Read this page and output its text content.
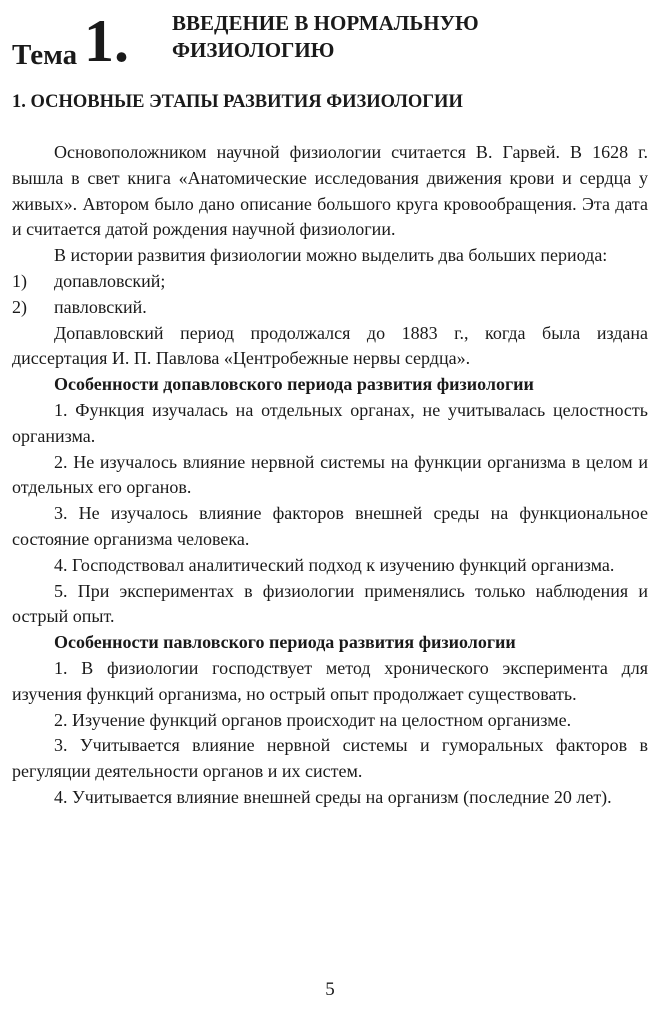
Тема 1. ВВЕДЕНИЕ В НОРМАЛЬНУЮ
ФИЗИОЛОГИЮ
1. ОСНОВНЫЕ ЭТАПЫ РАЗВИТИЯ ФИЗИОЛОГИИ

Основоположником научной физиологии считается В. Гарвей. В 1628 г. вышла в свет книга «Анатомические исследования движения крови и сердца у живых». Автором было дано описание большого круга кровообращения. Эта дата и считается датой рождения научной физиологии.

В истории развития физиологии можно выделить два больших периода:

1) допавловский;

2) павловский.

Допавловский период продолжался до 1883 г., когда была издана диссертация И. П. Павлова «Центробежные нервы сердца».

Особенности допавловского периода развития физиологии

1. Функция изучалась на отдельных органах, не учитывалась целостность организма.

2. Не изучалось влияние нервной системы на функции организма в целом и отдельных его органов.

3. Не изучалось влияние факторов внешней среды на функциональное состояние организма человека.

4. Господствовал аналитический подход к изучению функций организма.

5. При экспериментах в физиологии применялись только наблюдения и острый опыт.

Особенности павловского периода развития физиологии

1. В физиологии господствует метод хронического эксперимента для изучения функций организма, но острый опыт продолжает существовать.

2. Изучение функций органов происходит на целостном организме.

3. Учитывается влияние нервной системы и гуморальных факторов в регуляции деятельности органов и их систем.

4. Учитывается влияние внешней среды на организм (последние 20 лет).

5
